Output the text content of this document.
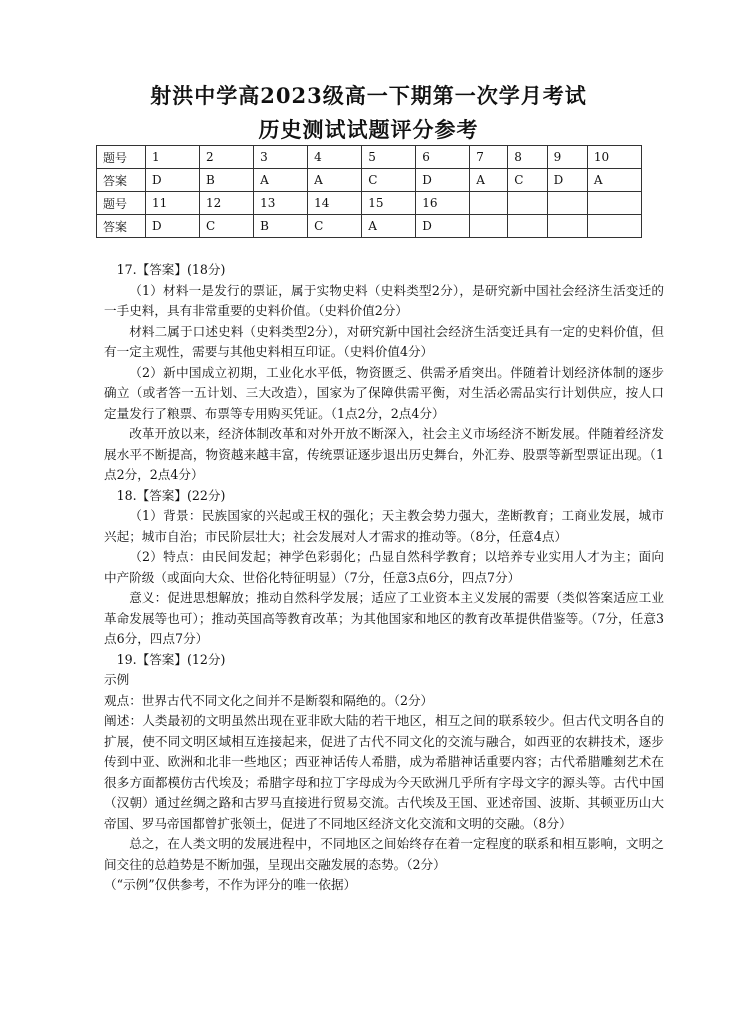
射洪中学高2023级高一下期第一次学月考试
历史测试试题评分参考
题号	1	2	3	4	5	6	7	8	9	10
答案	D	B	A	A	C	D	A	C	D	A
题号	11	12	13	14	15	16				
答案	D	C	B	C	A	D				

17.【答案】(18分)

（1）材料一是发行的票证，属于实物史料（史料类型2分），是研究新中国社会经济生活变迁的一手史料，具有非常重要的史料价值。（史料价值2分）

材料二属于口述史料（史料类型2分），对研究新中国社会经济生活变迁具有一定的史料价值，但有一定主观性，需要与其他史料相互印证。（史料价值4分）

（2）新中国成立初期，工业化水平低，物资匮乏、供需矛盾突出。伴随着计划经济体制的逐步确立（或者答一五计划、三大改造），国家为了保障供需平衡，对生活必需品实行计划供应，按人口定量发行了粮票、布票等专用购买凭证。（1点2分，2点4分）

改革开放以来，经济体制改革和对外开放不断深入，社会主义市场经济不断发展。伴随着经济发展水平不断提高，物资越来越丰富，传统票证逐步退出历史舞台，外汇券、股票等新型票证出现。（1点2分，2点4分）

18.【答案】(22分)

（1）背景：民族国家的兴起或王权的强化；天主教会势力强大，垄断教育；工商业发展，城市兴起；城市自治；市民阶层壮大；社会发展对人才需求的推动等。（8分，任意4点）

（2）特点：由民间发起；神学色彩弱化；凸显自然科学教育；以培养专业实用人才为主；面向中产阶级（或面向大众、世俗化特征明显）（7分，任意3点6分，四点7分）

意义：促进思想解放；推动自然科学发展；适应了工业资本主义发展的需要（类似答案适应工业革命发展等也可）；推动英国高等教育改革；为其他国家和地区的教育改革提供借鉴等。（7分，任意3点6分，四点7分）

19.【答案】(12分)

示例

观点：世界古代不同文化之间并不是断裂和隔绝的。（2分）

阐述：人类最初的文明虽然出现在亚非欧大陆的若干地区，相互之间的联系较少。但古代文明各自的扩展，使不同文明区域相互连接起来，促进了古代不同文化的交流与融合，如西亚的农耕技术，逐步传到中亚、欧洲和北非一些地区；西亚神话传人希腊，成为希腊神话重要内容；古代希腊雕刻艺术在很多方面都模仿古代埃及；希腊字母和拉丁字母成为今天欧洲几乎所有字母文字的源头等。古代中国（汉朝）通过丝绸之路和古罗马直接进行贸易交流。古代埃及王国、亚述帝国、波斯、其顿亚历山大帝国、罗马帝国都曾扩张领土，促进了不同地区经济文化交流和文明的交融。（8分）

总之，在人类文明的发展进程中，不同地区之间始终存在着一定程度的联系和相互影响，文明之间交往的总趋势是不断加强，呈现出交融发展的态势。（2分）

（“示例”仅供参考，不作为评分的唯一依据）
